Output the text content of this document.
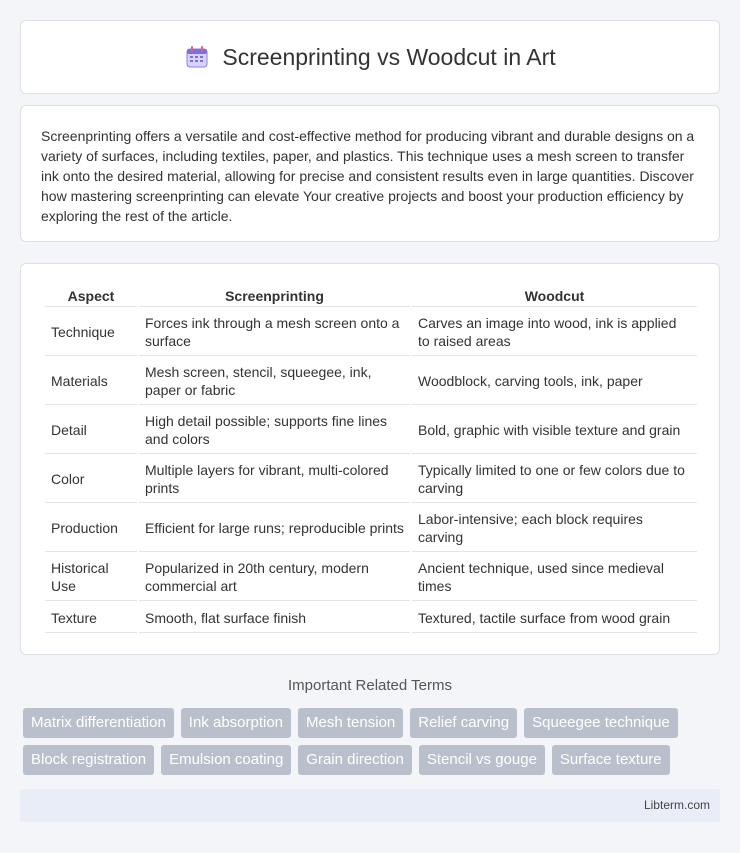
Screenprinting vs Woodcut in Art

Screenprinting offers a versatile and cost-effective method for producing vibrant and durable designs on a variety of surfaces, including textiles, paper, and plastics. This technique uses a mesh screen to transfer ink onto the desired material, allowing for precise and consistent results even in large quantities. Discover how mastering screenprinting can elevate Your creative projects and boost your production efficiency by exploring the rest of the article.

Aspect	Screenprinting	Woodcut
Technique	Forces ink through a mesh screen onto a surface	Carves an image into wood, ink is applied to raised areas
Materials	Mesh screen, stencil, squeegee, ink, paper or fabric	Woodblock, carving tools, ink, paper
Detail	High detail possible; supports fine lines and colors	Bold, graphic with visible texture and grain
Color	Multiple layers for vibrant, multi-colored prints	Typically limited to one or few colors due to carving
Production	Efficient for large runs; reproducible prints	Labor-intensive; each block requires carving
Historical Use	Popularized in 20th century, modern commercial art	Ancient technique, used since medieval times
Texture	Smooth, flat surface finish	Textured, tactile surface from wood grain
Important Related Terms
Matrix differentiation	Ink absorption	Mesh tension	Relief carving	Squeegee technique
Block registration	Emulsion coating	Grain direction	Stencil vs gouge	Surface texture
Libterm.com
